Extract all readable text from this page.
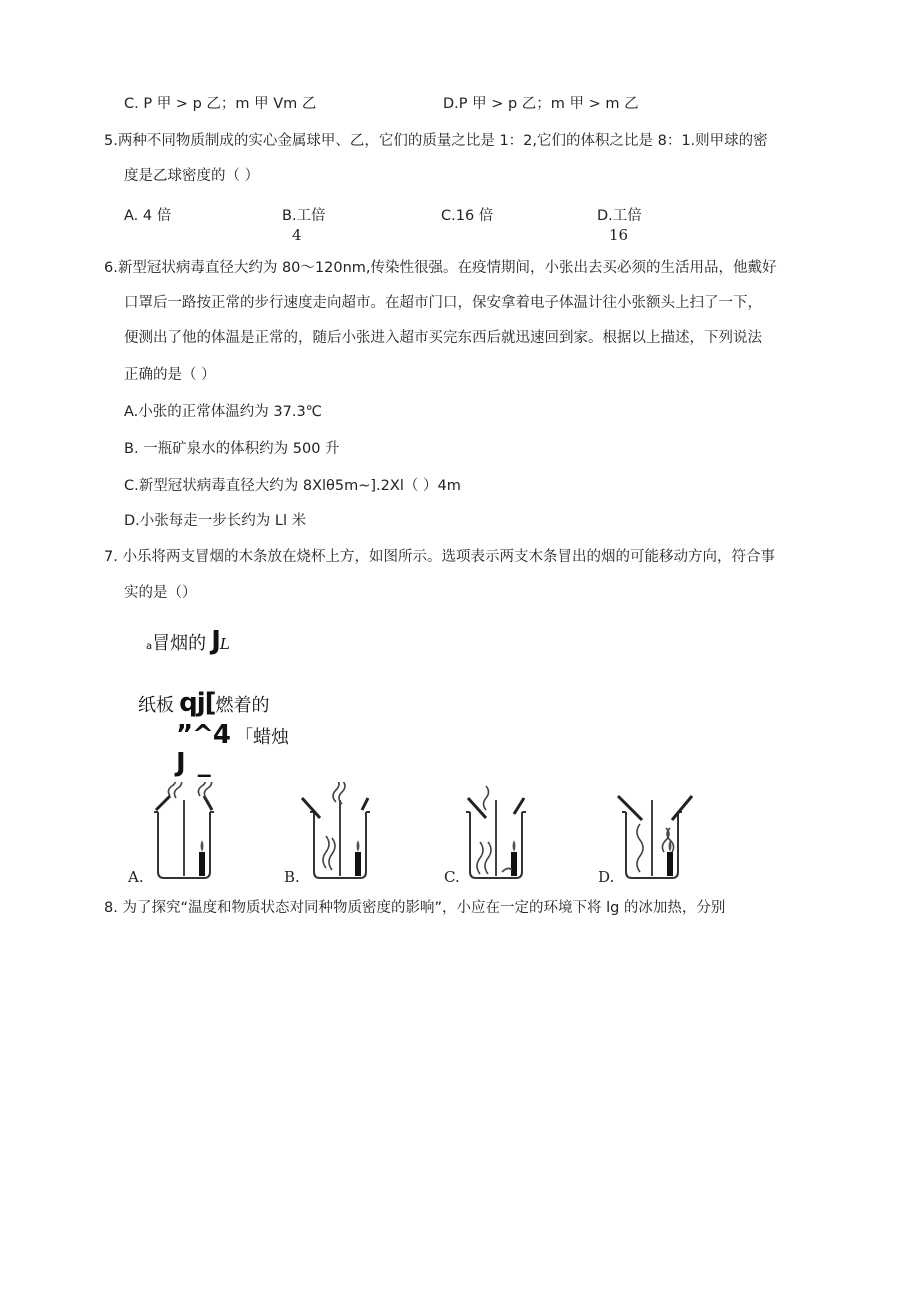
C. P 甲 > p 乙；m 甲 Vm 乙	D.P 甲 > p 乙；m 甲 > m 乙
5.两种不同物质制成的实心金属球甲、乙，它们的质量之比是 1：2,它们的体积之比是 8：1.则甲球的密
度是乙球密度的（ ）
A. 4 倍	B.工倍
4
C.16 倍	D.工倍
16
6.新型冠状病毒直径大约为 80～120nm,传染性很强。在疫情期间，小张出去买必须的生活用品，他戴好
口罩后一路按正常的步行速度走向超市。在超市门口，保安拿着电子体温计往小张额头上扫了一下，
便测出了他的体温是正常的，随后小张进入超市买完东西后就迅速回到家。根据以上描述，下列说法
正确的是（ ）
A.小张的正常体温约为 37.3℃
B. 一瓶矿泉水的体积约为 500 升
C.新型冠状病毒直径大约为 8Xlθ5m~].2Xl（ ）4m
D.小张每走一步长约为 Ll 米
7. 小乐将两支冒烟的木条放在烧杯上方，如图所示。选项表示两支木条冒出的烟的可能移动方向，符合事
实的是（）
a冒烟的 JL
纸板 qj[燃着的
”^4 「蜡烛
J _
A.	B.	C.	D.
8. 为了探究“温度和物质状态对同种物质密度的影响”，小应在一定的环境下将 lg 的冰加热，分别
